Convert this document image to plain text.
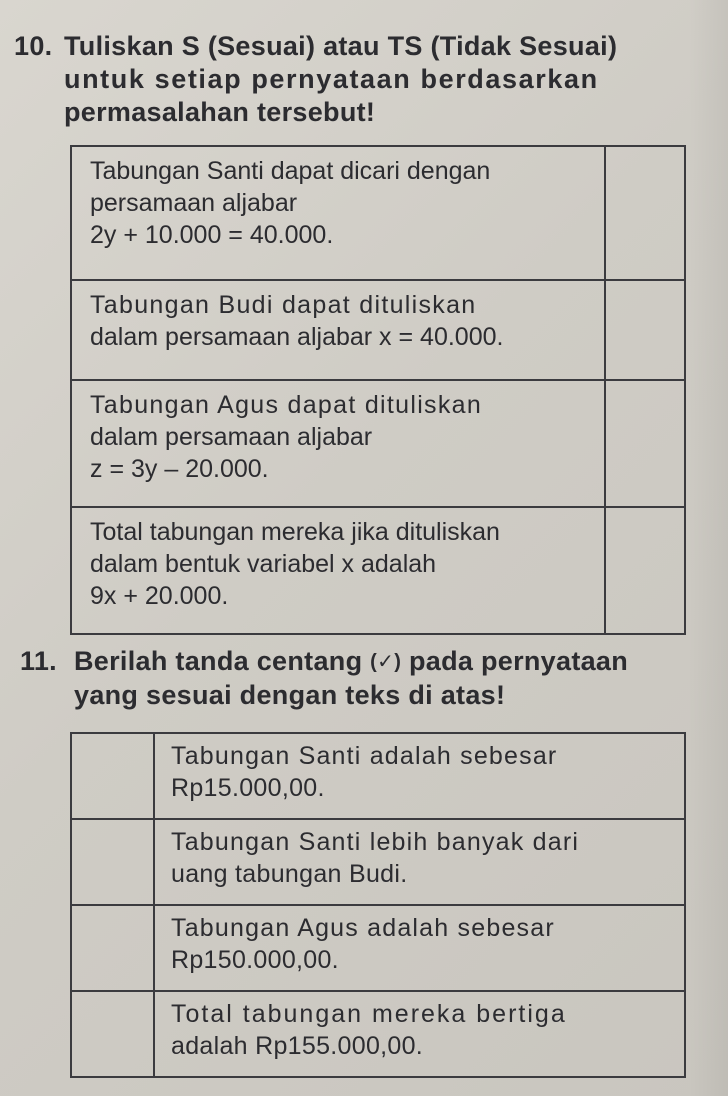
10. Tuliskan S (Sesuai) atau TS (Tidak Sesuai)
untuk setiap pernyataan berdasarkan
permasalahan tersebut!
Tabungan Santi dapat dicari dengan
persamaan aljabar
2y + 10.000 = 40.000.	

Tabungan Budi dapat dituliskan
dalam persamaan aljabar x = 40.000.	

Tabungan Agus dapat dituliskan
dalam persamaan aljabar
z = 3y – 20.000.	

Total tabungan mereka jika dituliskan
dalam bentuk variabel x adalah
9x + 20.000.	

11. Berilah tanda centang (✓) pada pernyataan
yang sesuai dengan teks di atas!

	Tabungan Santi adalah sebesar
Rp15.000,00.

	Tabungan Santi lebih banyak dari
uang tabungan Budi.

	Tabungan Agus adalah sebesar
Rp150.000,00.

	Total tabungan mereka bertiga
adalah Rp155.000,00.
